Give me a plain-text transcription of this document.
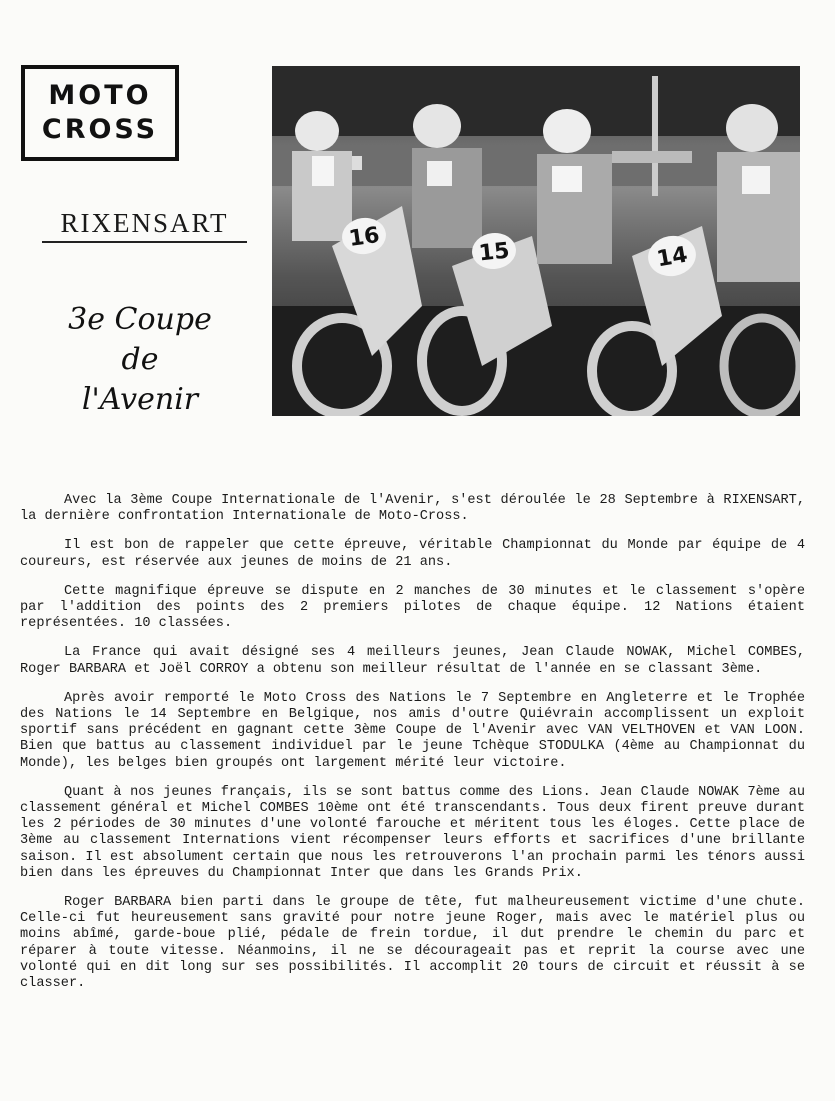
MOTO
CROSS
RIXENSART
3e Coupe
de
l'Avenir
16
15	14

Avec la 3ème Coupe Internationale de l'Avenir, s'est déroulée le 28 Septembre à RIXENSART, la dernière confrontation Internationale de Moto-Cross.

Il est bon de rappeler que cette épreuve, véritable Championnat du Monde par équipe de 4 coureurs, est réservée aux jeunes de moins de 21 ans.

Cette magnifique épreuve se dispute en 2 manches de 30 minutes et le classement s'opère par l'addition des points des 2 premiers pilotes de chaque équipe. 12 Nations étaient représentées. 10 classées.

La France qui avait désigné ses 4 meilleurs jeunes, Jean Claude NOWAK, Michel COMBES, Roger BARBARA et Joël CORROY a obtenu son meilleur résultat de l'année en se classant 3ème.

Après avoir remporté le Moto Cross des Nations le 7 Septembre en Angleterre et le Trophée des Nations le 14 Septembre en Belgique, nos amis d'outre Quiévrain accomplissent un exploit sportif sans précédent en gagnant cette 3ème Coupe de l'Avenir avec VAN VELTHOVEN et VAN LOON. Bien que battus au classement individuel par le jeune Tchèque STODULKA (4ème au Championnat du Monde), les belges bien groupés ont largement mérité leur victoire.

Quant à nos jeunes français, ils se sont battus comme des Lions. Jean Claude NOWAK 7ème au classement général et Michel COMBES 10ème ont été transcendants. Tous deux firent preuve durant les 2 périodes de 30 minutes d'une volonté farouche et méritent tous les éloges. Cette place de 3ème au classement Internations vient récompenser leurs efforts et sacrifices d'une brillante saison. Il est absolument certain que nous les retrouverons l'an prochain parmi les ténors aussi bien dans les épreuves du Championnat Inter que dans les Grands Prix.

Roger BARBARA bien parti dans le groupe de tête, fut malheureusement victime d'une chute. Celle-ci fut heureusement sans gravité pour notre jeune Roger, mais avec le matériel plus ou moins abîmé, garde-boue plié, pédale de frein tordue, il dut prendre le chemin du parc et réparer à toute vitesse. Néanmoins, il ne se décourageait pas et reprit la course avec une volonté qui en dit long sur ses possibilités. Il accomplit 20 tours de circuit et réussit à se classer.
